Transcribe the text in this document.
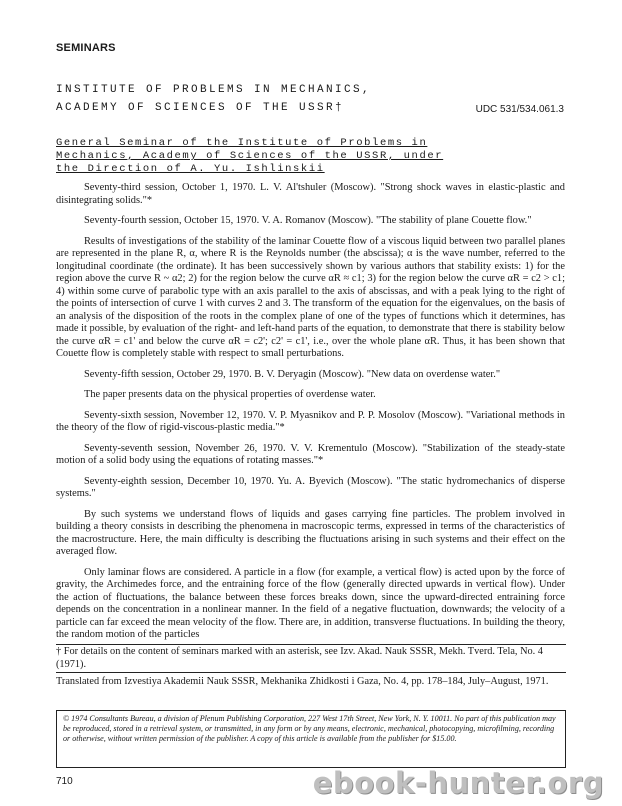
SEMINARS
INSTITUTE OF PROBLEMS IN MECHANICS,
ACADEMY OF SCIENCES OF THE USSR†	UDC 531/534.061.3
General Seminar of the Institute of Problems in Mechanics, Academy of Sciences of the USSR, under the Direction of A. Yu. Ishlinskii

Seventy-third session, October 1, 1970. L. V. Al'tshuler (Moscow). "Strong shock waves in elastic-plastic and disintegrating solids."*

Seventy-fourth session, October 15, 1970. V. A. Romanov (Moscow). "The stability of plane Couette flow."

Results of investigations of the stability of the laminar Couette flow of a viscous liquid between two parallel planes are represented in the plane R, α, where R is the Reynolds number (the abscissa); α is the wave number, referred to the longitudinal coordinate (the ordinate). It has been successively shown by various authors that stability exists: 1) for the region above the curve R ~ α2; 2) for the region below the curve αR ≈ c1; 3) for the region below the curve αR = c2 > c1; 4) within some curve of parabolic type with an axis parallel to the axis of abscissas, and with a peak lying to the right of the points of intersection of curve 1 with curves 2 and 3. The transform of the equation for the eigenvalues, on the basis of an analysis of the disposition of the roots in the complex plane of one of the types of functions which it determines, has made it possible, by evaluation of the right- and left-hand parts of the equation, to demonstrate that there is stability below the curve αR = c1' and below the curve αR = c2'; c2' = c1', i.e., over the whole plane αR. Thus, it has been shown that Couette flow is completely stable with respect to small perturbations.

Seventy-fifth session, October 29, 1970. B. V. Deryagin (Moscow). "New data on overdense water."

The paper presents data on the physical properties of overdense water.

Seventy-sixth session, November 12, 1970. V. P. Myasnikov and P. P. Mosolov (Moscow). "Variational methods in the theory of the flow of rigid-viscous-plastic media."*

Seventy-seventh session, November 26, 1970. V. V. Krementulo (Moscow). "Stabilization of the steady-state motion of a solid body using the equations of rotating masses."*

Seventy-eighth session, December 10, 1970. Yu. A. Byevich (Moscow). "The static hydromechanics of disperse systems."

By such systems we understand flows of liquids and gases carrying fine particles. The problem involved in building a theory consists in describing the phenomena in macroscopic terms, expressed in terms of the characteristics of the macrostructure. Here, the main difficulty is describing the fluctuations arising in such systems and their effect on the averaged flow.

Only laminar flows are considered. A particle in a flow (for example, a vertical flow) is acted upon by the force of gravity, the Archimedes force, and the entraining force of the flow (generally directed upwards in vertical flow). Under the action of fluctuations, the balance between these forces breaks down, since the upward-directed entraining force depends on the concentration in a nonlinear manner. In the field of a negative fluctuation, downwards; the velocity of a particle can far exceed the mean velocity of the flow. There are, in addition, transverse fluctuations. In building the theory, the random motion of the particles

† For details on the content of seminars marked with an asterisk, see Izv. Akad. Nauk SSSR, Mekh. Tverd. Tela, No. 4 (1971).
Translated from Izvestiya Akademii Nauk SSSR, Mekhanika Zhidkosti i Gaza, No. 4, pp. 178–184, July–August, 1971.
© 1974 Consultants Bureau, a division of Plenum Publishing Corporation, 227 West 17th Street, New York, N. Y. 10011. No part of this publication may be reproduced, stored in a retrieval system, or transmitted, in any form or by any means, electronic, mechanical, photocopying, microfilming, recording or otherwise, without written permission of the publisher. A copy of this article is available from the publisher for $15.00.
710	ebook-hunter.org
